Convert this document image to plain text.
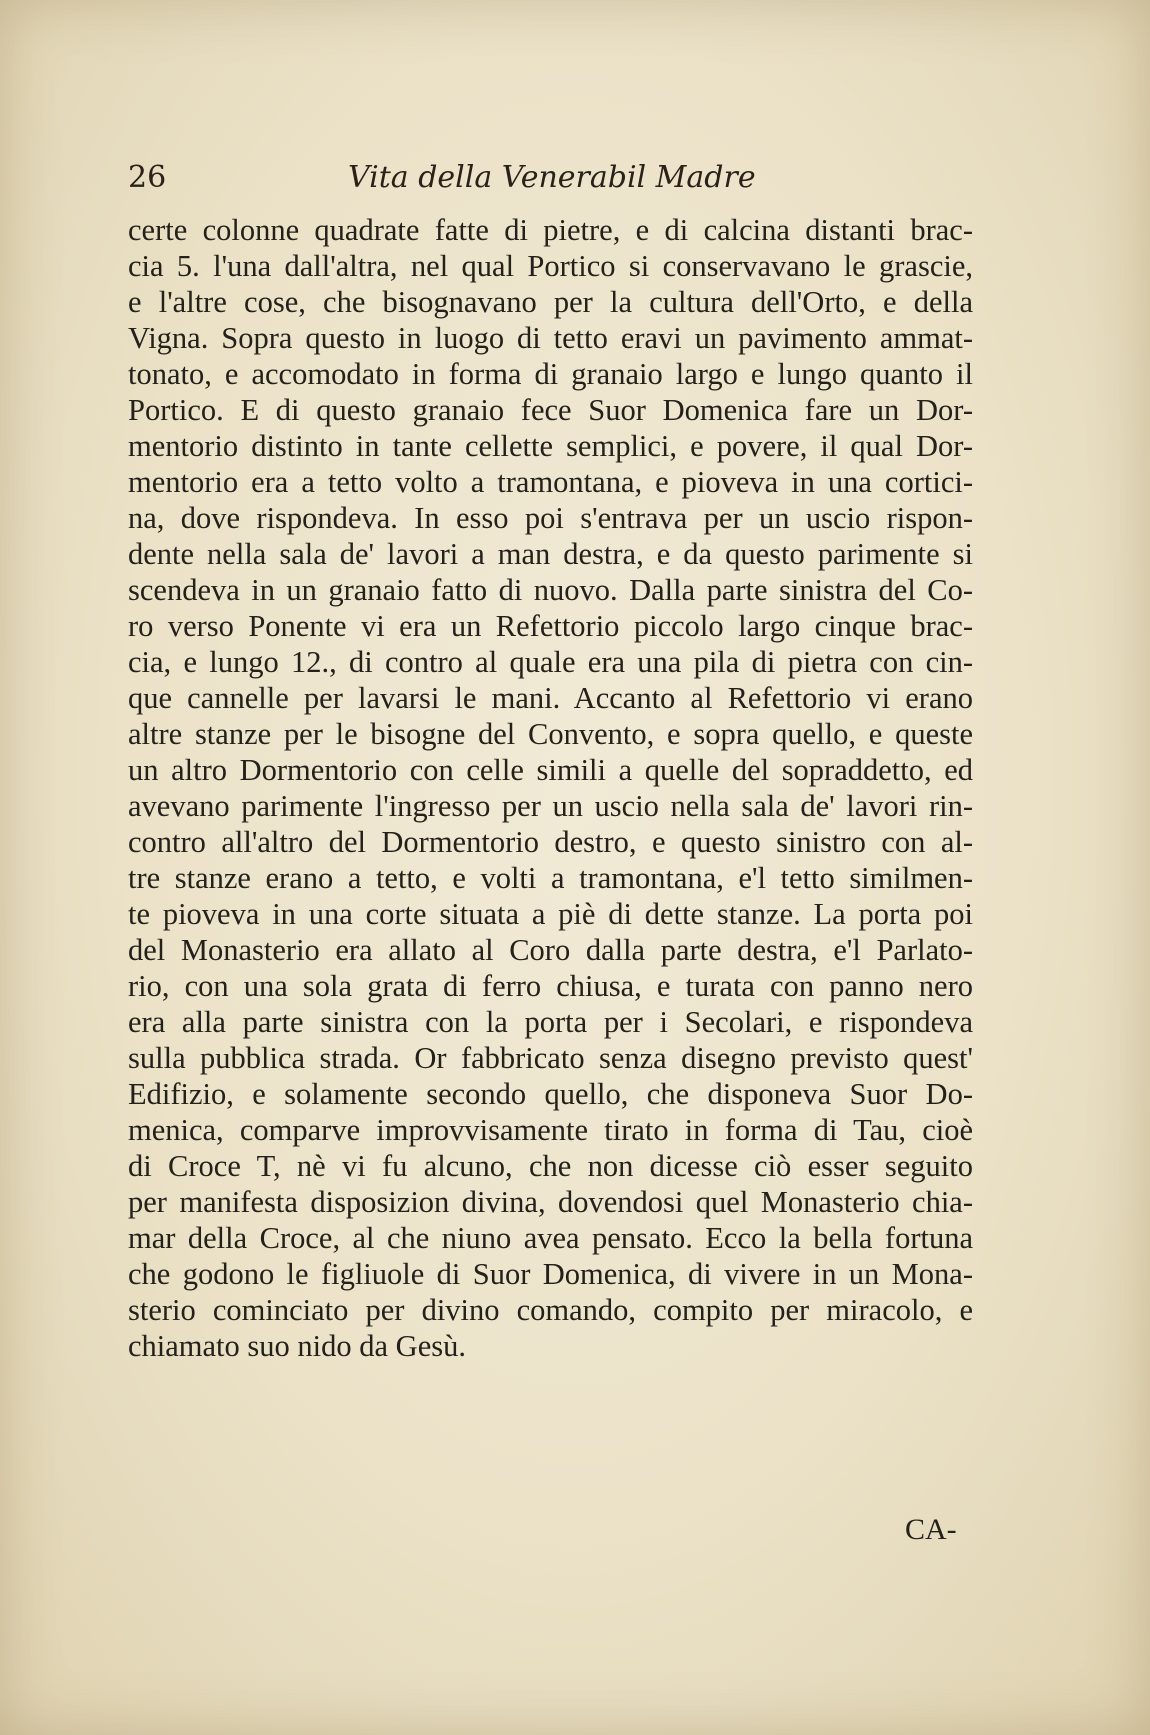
26	Vita della Venerabil Madre
certe colonne quadrate fatte di pietre, e di calcina distanti brac-
cia 5. l'una dall'altra, nel qual Portico si conservavano le grascie,
e l'altre cose, che bisognavano per la cultura dell'Orto, e della
Vigna. Sopra questo in luogo di tetto eravi un pavimento ammat-
tonato, e accomodato in forma di granaio largo e lungo quanto il
Portico. E di questo granaio fece Suor Domenica fare un Dor-
mentorio distinto in tante cellette semplici, e povere, il qual Dor-
mentorio era a tetto volto a tramontana, e pioveva in una cortici-
na, dove rispondeva. In esso poi s'entrava per un uscio rispon-
dente nella sala de' lavori a man destra, e da questo parimente si
scendeva in un granaio fatto di nuovo. Dalla parte sinistra del Co-
ro verso Ponente vi era un Refettorio piccolo largo cinque brac-
cia, e lungo 12., di contro al quale era una pila di pietra con cin-
que cannelle per lavarsi le mani. Accanto al Refettorio vi erano
altre stanze per le bisogne del Convento, e sopra quello, e queste
un altro Dormentorio con celle simili a quelle del sopraddetto, ed
avevano parimente l'ingresso per un uscio nella sala de' lavori rin-
contro all'altro del Dormentorio destro, e questo sinistro con al-
tre stanze erano a tetto, e volti a tramontana, e'l tetto similmen-
te pioveva in una corte situata a piè di dette stanze. La porta poi
del Monasterio era allato al Coro dalla parte destra, e'l Parlato-
rio, con una sola grata di ferro chiusa, e turata con panno nero
era alla parte sinistra con la porta per i Secolari, e rispondeva
sulla pubblica strada. Or fabbricato senza disegno previsto quest'
Edifizio, e solamente secondo quello, che disponeva Suor Do-
menica, comparve improvvisamente tirato in forma di Tau, cioè
di Croce T, nè vi fu alcuno, che non dicesse ciò esser seguito
per manifesta disposizion divina, dovendosi quel Monasterio chia-
mar della Croce, al che niuno avea pensato. Ecco la bella fortuna
che godono le figliuole di Suor Domenica, di vivere in un Mona-
sterio cominciato per divino comando, compito per miracolo, e
chiamato suo nido da Gesù.
CA-
